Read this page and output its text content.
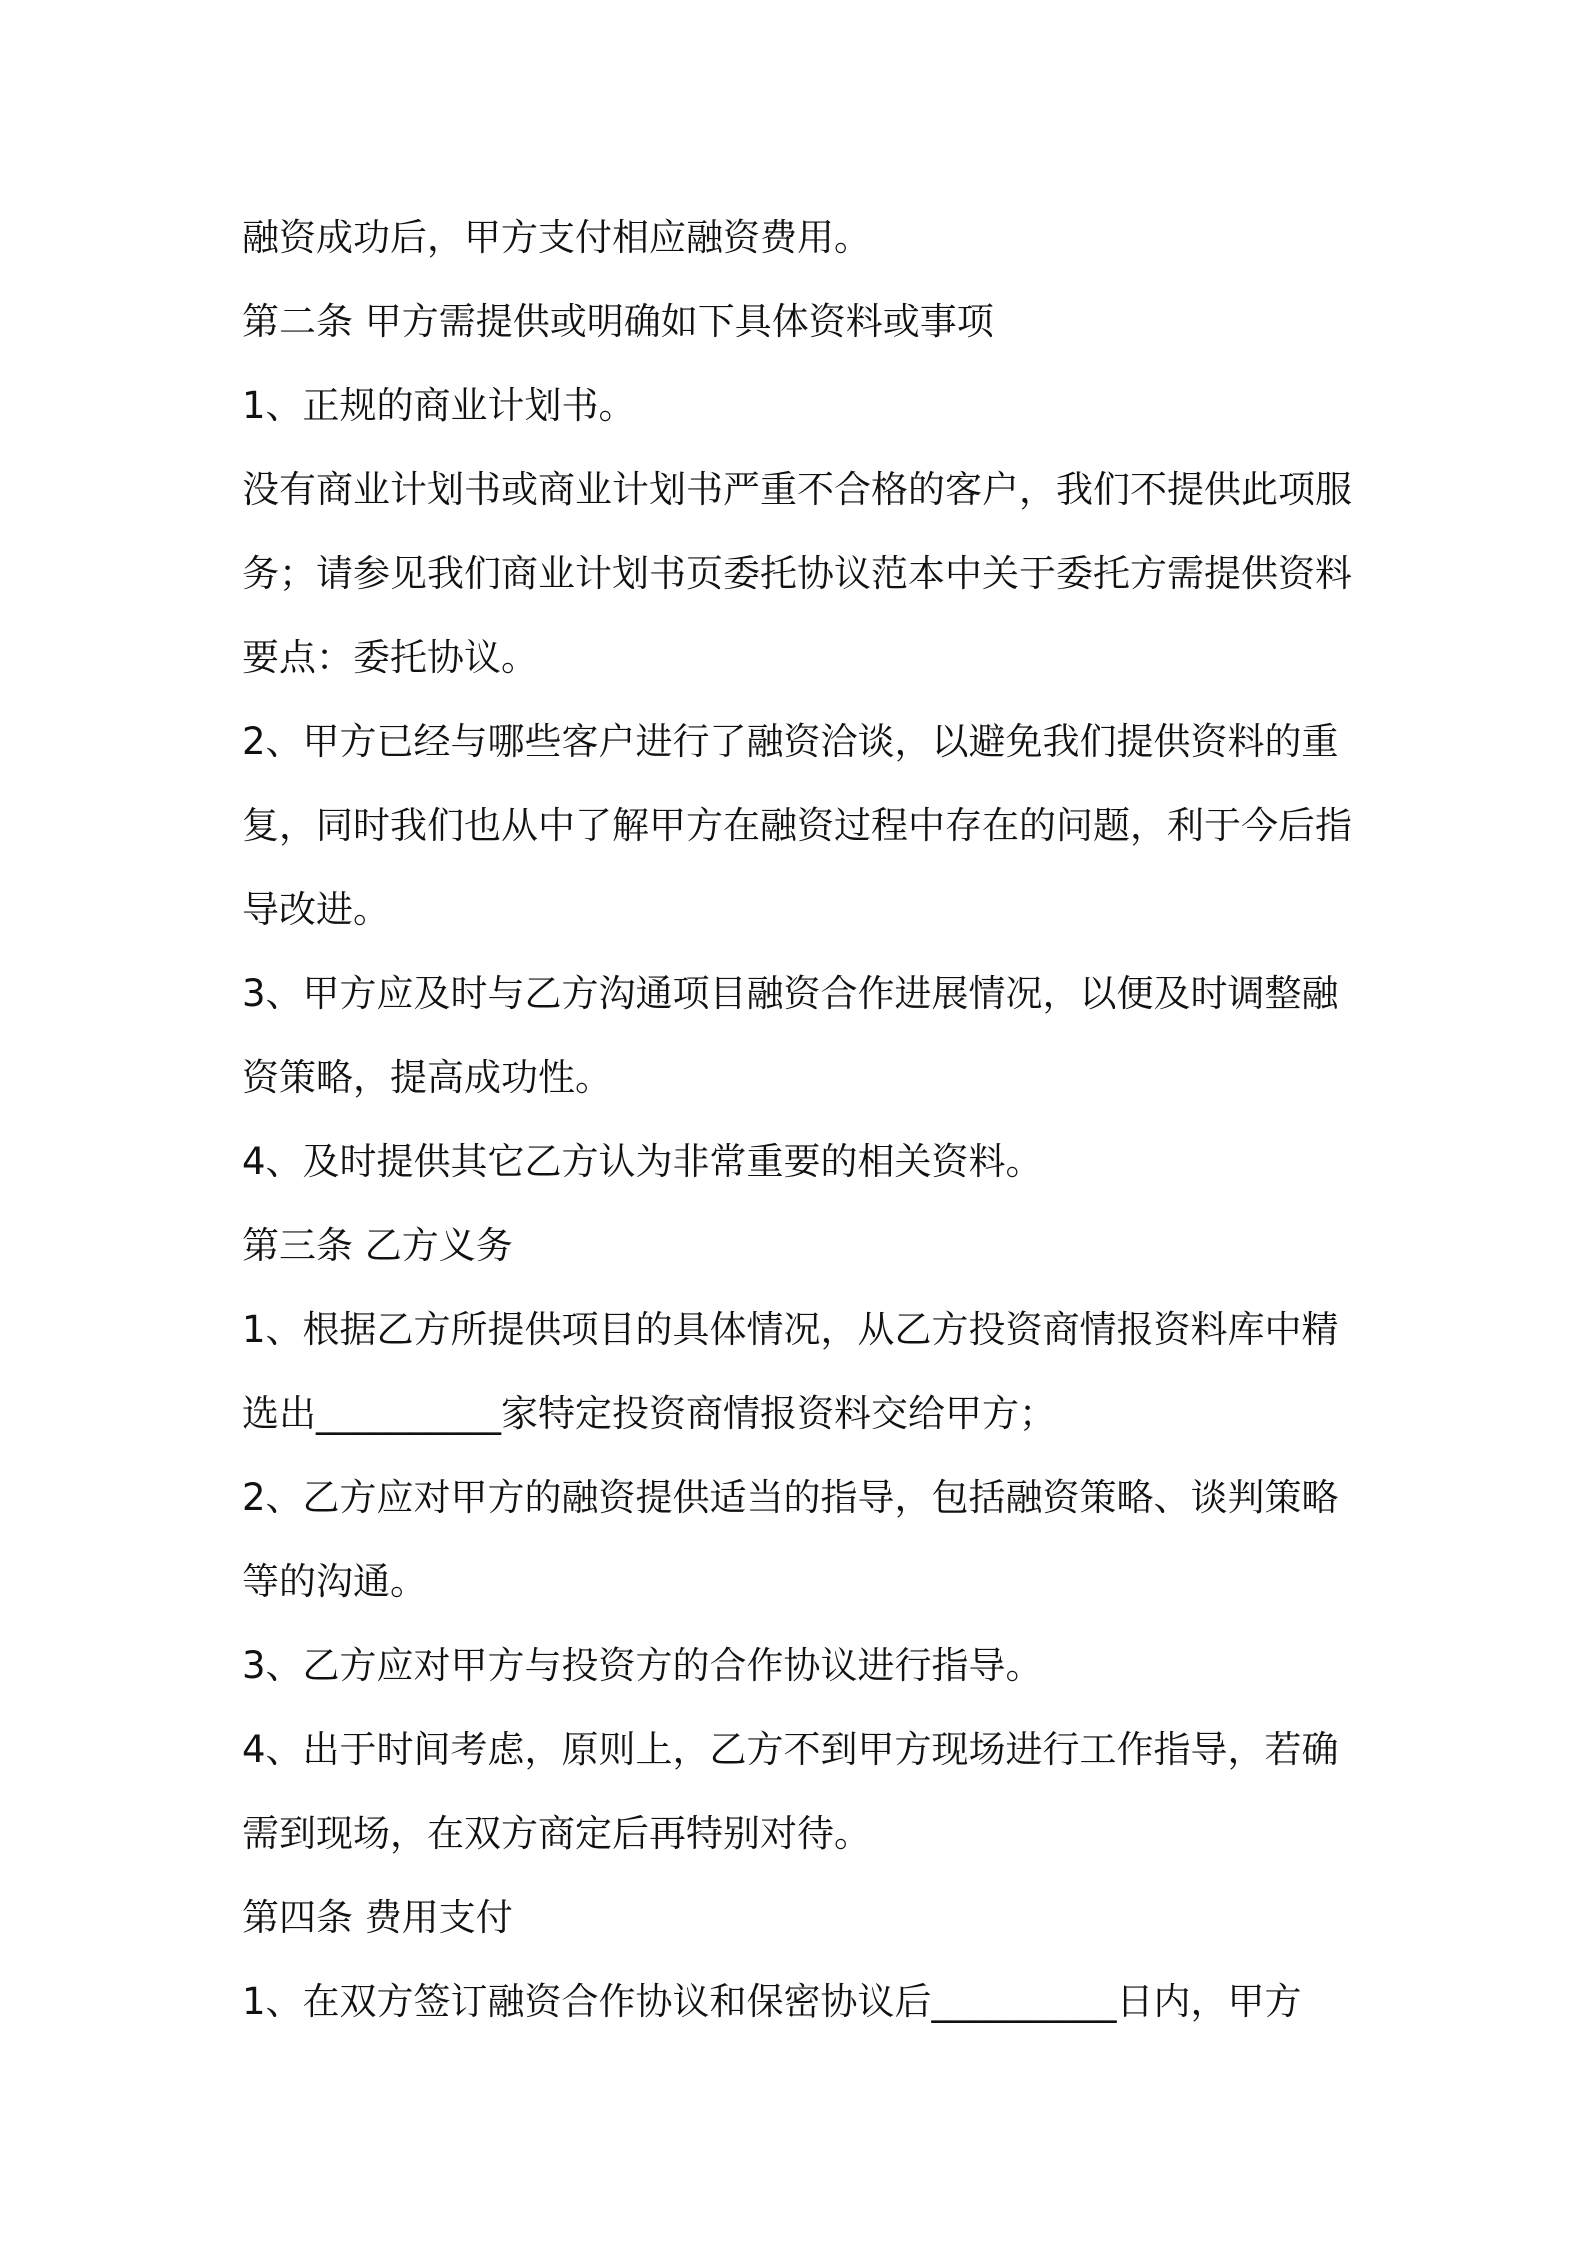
融资成功后，甲方支付相应融资费用。
第二条 甲方需提供或明确如下具体资料或事项
1、正规的商业计划书。
没有商业计划书或商业计划书严重不合格的客户，我们不提供此项服
务；请参见我们商业计划书页委托协议范本中关于委托方需提供资料
要点：委托协议。
2、甲方已经与哪些客户进行了融资洽谈，以避免我们提供资料的重
复，同时我们也从中了解甲方在融资过程中存在的问题，利于今后指
导改进。
3、甲方应及时与乙方沟通项目融资合作进展情况，以便及时调整融
资策略，提高成功性。
4、及时提供其它乙方认为非常重要的相关资料。
第三条 乙方义务
1、根据乙方所提供项目的具体情况，从乙方投资商情报资料库中精
选出__________家特定投资商情报资料交给甲方；
2、乙方应对甲方的融资提供适当的指导，包括融资策略、谈判策略
等的沟通。
3、乙方应对甲方与投资方的合作协议进行指导。
4、出于时间考虑，原则上，乙方不到甲方现场进行工作指导，若确
需到现场，在双方商定后再特别对待。
第四条 费用支付
1、在双方签订融资合作协议和保密协议后__________日内，甲方
